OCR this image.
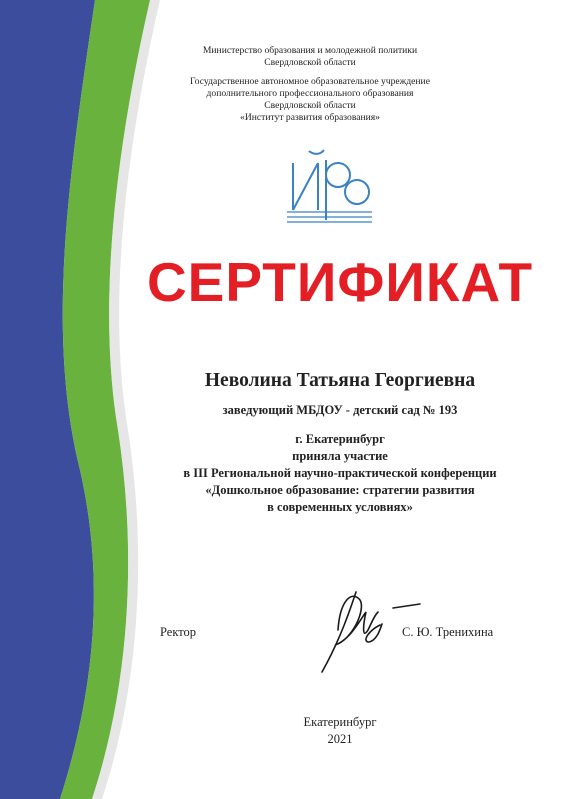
Министерство образования и молодежной политики
Свердловской области
Государственное автономное образовательное учреждение
дополнительного профессионального образования
Свердловской области
«Институт развития образования»
СЕРТИФИКАТ
Неволина Татьяна Георгиевна
заведующий МБДОУ - детский сад № 193
г. Екатеринбург
приняла участие
в III Региональной научно-практической конференции
«Дошкольное образование: стратегии развития
в современных условиях»
Ректор	С. Ю. Тренихина
Екатеринбург
2021
